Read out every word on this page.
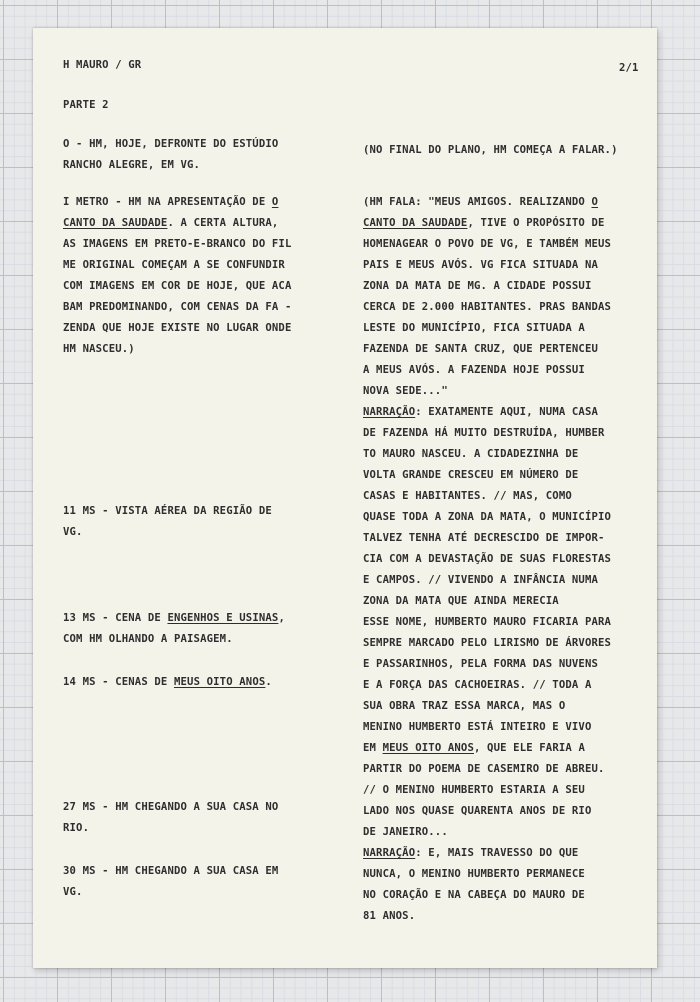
H MAURO / GR	2/1

PARTE 2

O - HM, HOJE, DEFRONTE DO ESTÚDIO

RANCHO ALEGRE, EM VG.

I METRO - HM NA APRESENTAÇÃO DE O

CANTO DA SAUDADE. A CERTA ALTURA,

AS IMAGENS EM PRETO-E-BRANCO DO FIL

ME ORIGINAL COMEÇAM A SE CONFUNDIR

COM IMAGENS EM COR DE HOJE, QUE ACA

BAM PREDOMINANDO, COM CENAS DA FA -

ZENDA QUE HOJE EXISTE NO LUGAR ONDE

HM NASCEU.)

11 MS - VISTA AÉREA DA REGIÃO DE

VG.

13 MS - CENA DE ENGENHOS E USINAS,

COM HM OLHANDO A PAISAGEM.

14 MS - CENAS DE MEUS OITO ANOS.

27 MS - HM CHEGANDO A SUA CASA NO

RIO.

30 MS - HM CHEGANDO A SUA CASA EM

VG.

(NO FINAL DO PLANO, HM COMEÇA A FALAR.)

(HM FALA: "MEUS AMIGOS. REALIZANDO O

CANTO DA SAUDADE, TIVE O PROPÓSITO DE

HOMENAGEAR O POVO DE VG, E TAMBÉM MEUS

PAIS E MEUS AVÓS. VG FICA SITUADA NA

ZONA DA MATA DE MG. A CIDADE POSSUI

CERCA DE 2.000 HABITANTES. PRAS BANDAS

LESTE DO MUNICÍPIO, FICA SITUADA A

FAZENDA DE SANTA CRUZ, QUE PERTENCEU

A MEUS AVÓS. A FAZENDA HOJE POSSUI

NOVA SEDE..."

NARRAÇÃO: EXATAMENTE AQUI, NUMA CASA

DE FAZENDA HÁ MUITO DESTRUÍDA, HUMBER

TO MAURO NASCEU. A CIDADEZINHA DE

VOLTA GRANDE CRESCEU EM NÚMERO DE

CASAS E HABITANTES. // MAS, COMO

QUASE TODA A ZONA DA MATA, O MUNICÍPIO

TALVEZ TENHA ATÉ DECRESCIDO DE IMPOR-

CIA COM A DEVASTAÇÃO DE SUAS FLORESTAS

E CAMPOS. // VIVENDO A INFÂNCIA NUMA

ZONA DA MATA QUE AINDA MERECIA

ESSE NOME, HUMBERTO MAURO FICARIA PARA

SEMPRE MARCADO PELO LIRISMO DE ÁRVORES

E PASSARINHOS, PELA FORMA DAS NUVENS

E A FORÇA DAS CACHOEIRAS. // TODA A

SUA OBRA TRAZ ESSA MARCA, MAS O

MENINO HUMBERTO ESTÁ INTEIRO E VIVO

EM MEUS OITO ANOS, QUE ELE FARIA A

PARTIR DO POEMA DE CASEMIRO DE ABREU.

// O MENINO HUMBERTO ESTARIA A SEU

LADO NOS QUASE QUARENTA ANOS DE RIO

DE JANEIRO...

NARRAÇÃO: E, MAIS TRAVESSO DO QUE

NUNCA, O MENINO HUMBERTO PERMANECE

NO CORAÇÃO E NA CABEÇA DO MAURO DE

81 ANOS.
